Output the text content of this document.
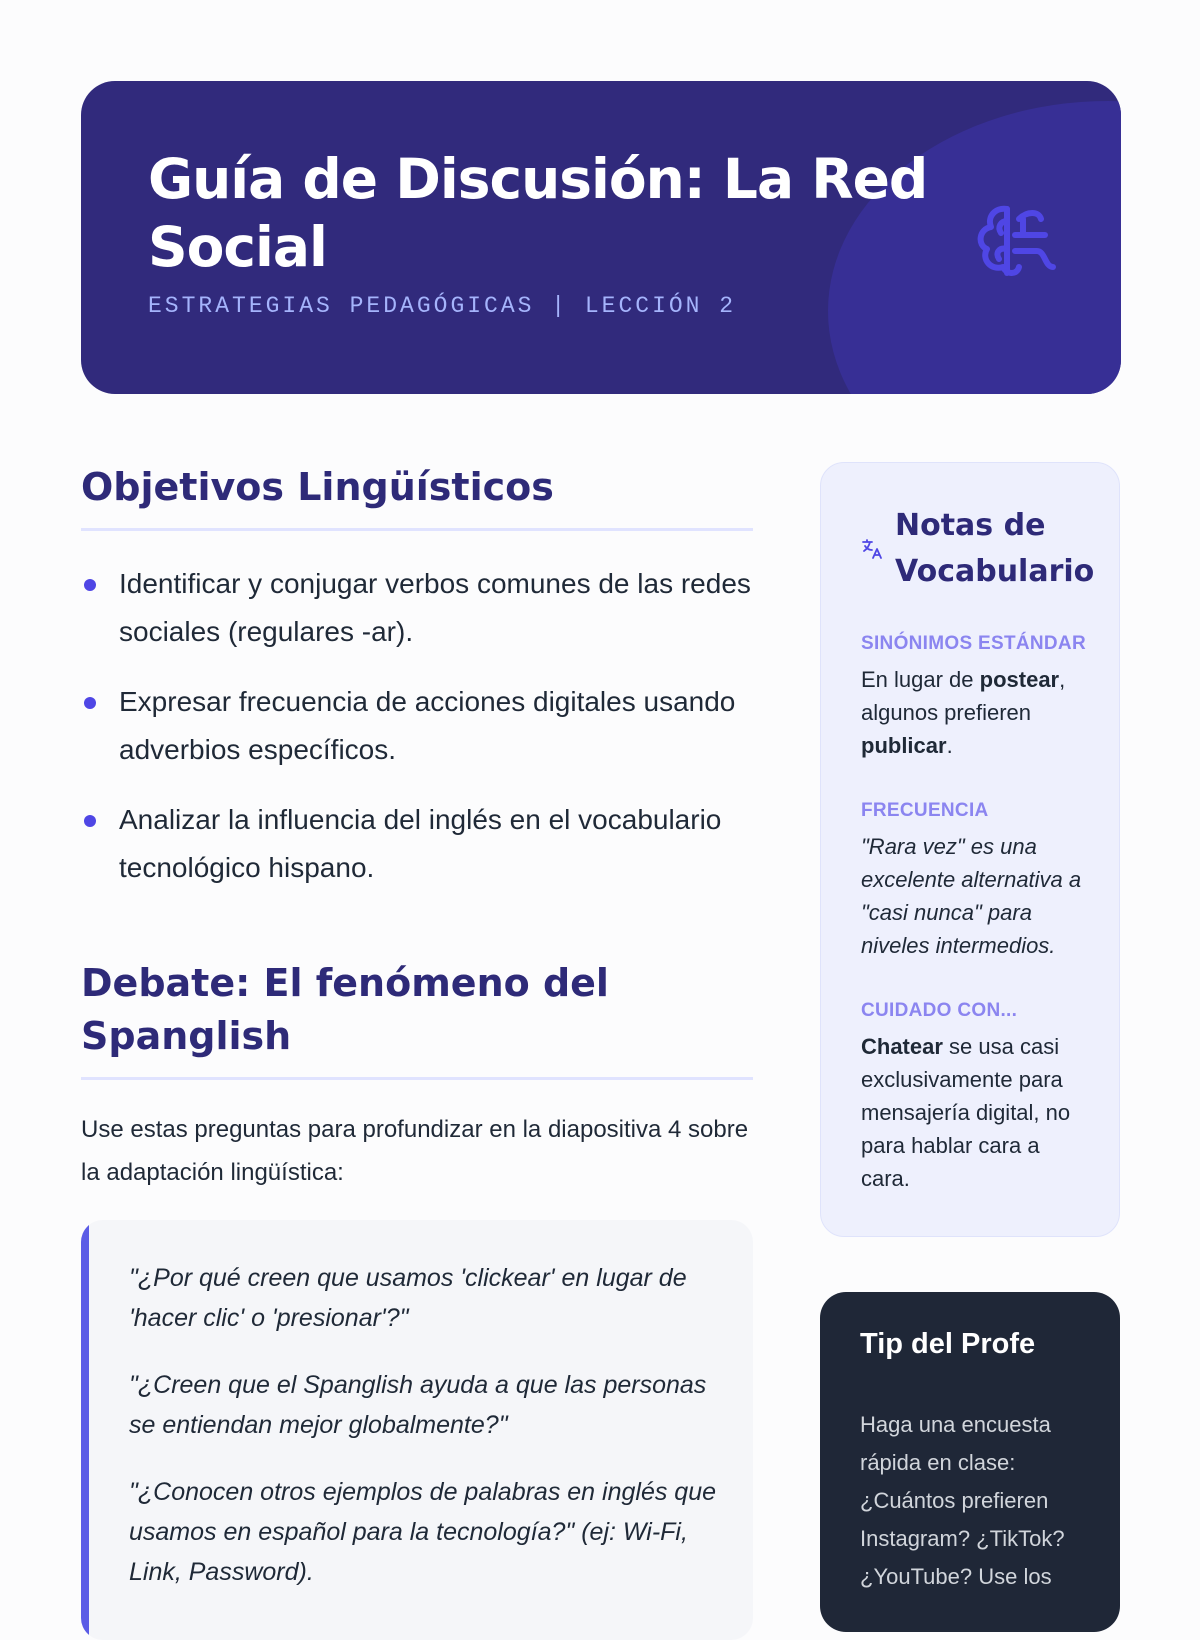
Guía de Discusión: La Red Social

ESTRATEGIAS PEDAGÓGICAS | LECCIÓN 2

Objetivos Lingüísticos
Identificar y conjugar verbos comunes de las redes sociales (regulares -ar).
Expresar frecuencia de acciones digitales usando adverbios específicos.
Analizar la influencia del inglés en el vocabulario tecnológico hispano.
Debate: El fenómeno del Spanglish

Use estas preguntas para profundizar en la diapositiva 4 sobre la adaptación lingüística:

"¿Por qué creen que usamos 'clickear' en lugar de 'hacer clic' o 'presionar'?"

"¿Creen que el Spanglish ayuda a que las personas se entiendan mejor globalmente?"

"¿Conocen otros ejemplos de palabras en inglés que usamos en español para la tecnología?" (ej: Wi-Fi, Link, Password).

Notas de Vocabulario

SINÓNIMOS ESTÁNDAR

En lugar de postear, algunos prefieren publicar.

FRECUENCIA

"Rara vez" es una excelente alternativa a "casi nunca" para niveles intermedios.

CUIDADO CON...

Chatear se usa casi exclusivamente para mensajería digital, no para hablar cara a cara.

Tip del Profe

Haga una encuesta rápida en clase: ¿Cuántos prefieren Instagram? ¿TikTok? ¿YouTube? Use los
